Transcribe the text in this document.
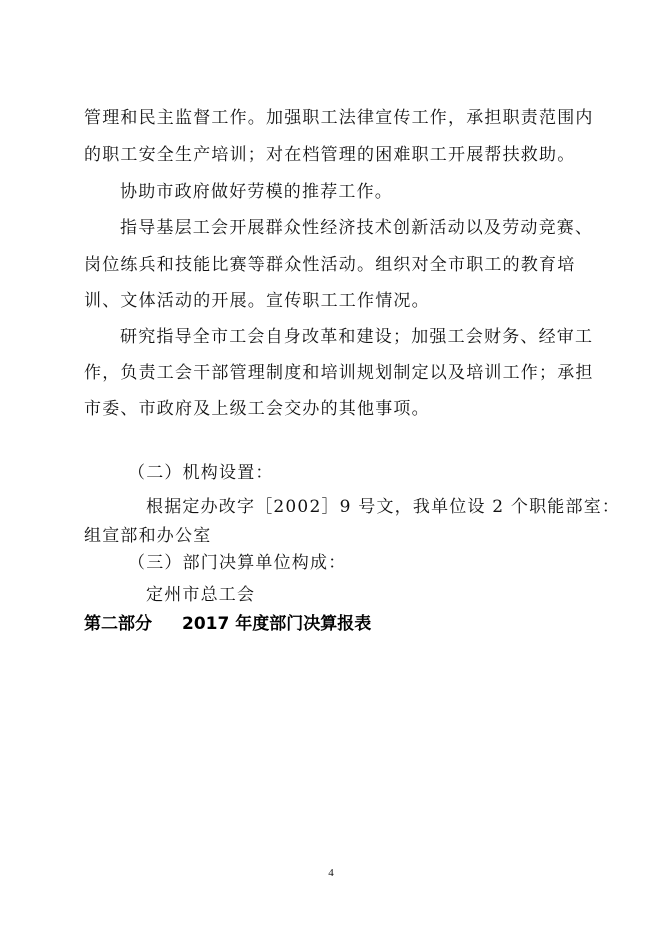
管理和民主监督工作。加强职工法律宣传工作，承担职责范围内
的职工安全生产培训；对在档管理的困难职工开展帮扶救助。
协助市政府做好劳模的推荐工作。
指导基层工会开展群众性经济技术创新活动以及劳动竞赛、
岗位练兵和技能比赛等群众性活动。组织对全市职工的教育培
训、文体活动的开展。宣传职工工作情况。
研究指导全市工会自身改革和建设；加强工会财务、经审工
作，负责工会干部管理制度和培训规划制定以及培训工作；承担
市委、市政府及上级工会交办的其他事项。
（二）机构设置：
根据定办改字［2002］9 号文，我单位设 2 个职能部室：
组宣部和办公室
（三）部门决算单位构成：
定州市总工会
第二部分 2017 年度部门决算报表
4
